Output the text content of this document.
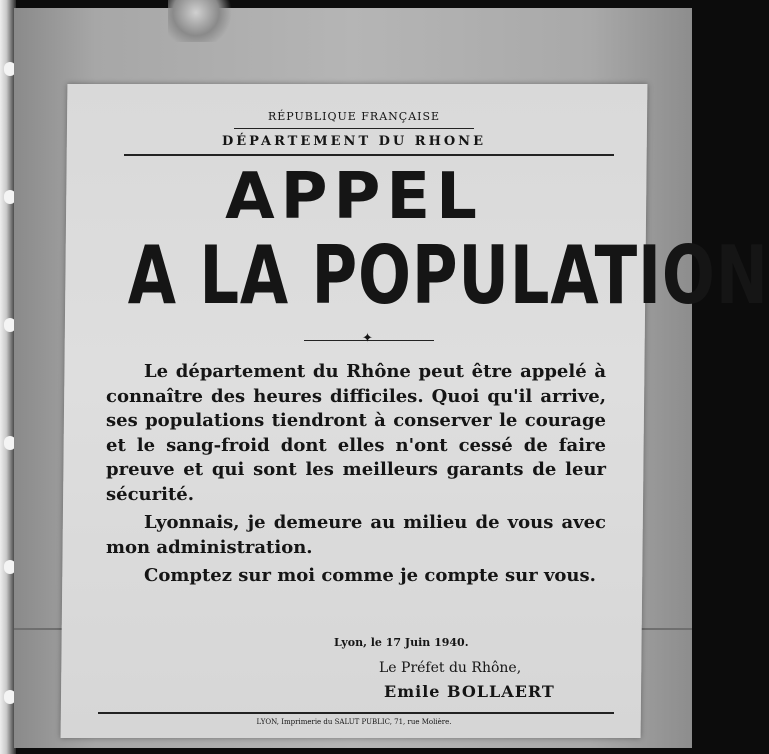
RÉPUBLIQUE FRANÇAISE
DÉPARTEMENT DU RHONE
APPEL
A LA POPULATION
✦

Le département du Rhône peut être appelé à connaître des heures difficiles. Quoi qu'il arrive, ses populations tiendront à conserver le courage et le sang-froid dont elles n'ont cessé de faire preuve et qui sont les meilleurs garants de leur sécurité.

Lyonnais, je demeure au milieu de vous avec mon administration.

Comptez sur moi comme je compte sur vous.

Lyon, le 17 Juin 1940.
Le Préfet du Rhône,
Emile BOLLAERT
LYON, Imprimerie du SALUT PUBLIC, 71, rue Molière.
